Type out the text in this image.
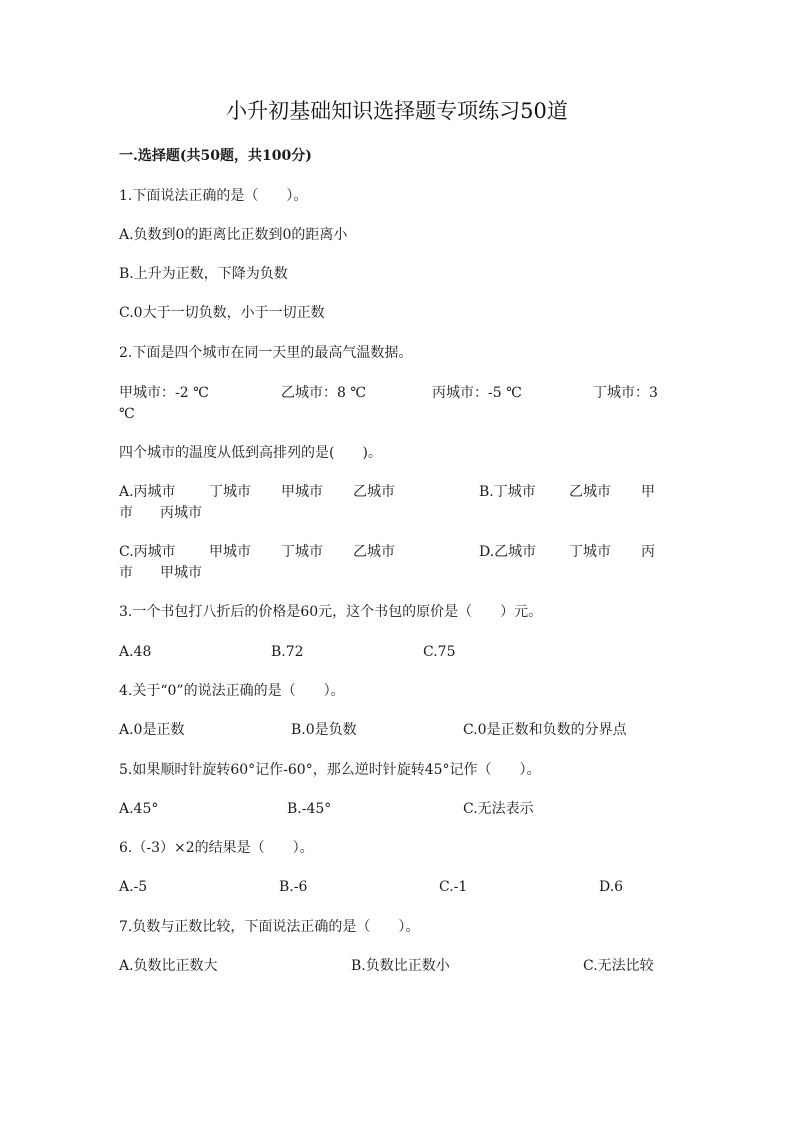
小升初基础知识选择题专项练习50道
一.选择题(共50题，共100分)
1.下面说法正确的是（　　）。
A.负数到0的距离比正数到0的距离小
B.上升为正数，下降为负数
C.0大于一切负数，小于一切正数
2.下面是四个城市在同一天里的最高气温数据。
甲城市：-2 ℃	乙城市：8 ℃	丙城市：-5 ℃	丁城市：3
℃
四个城市的温度从低到高排列的是(　　)。
A.丙城市 丁城市 甲城市 乙城市	B.丁城市 乙城市 甲
市 丙城市
C.丙城市 甲城市 丁城市 乙城市	D.乙城市 丁城市 丙
市 甲城市
3.一个书包打八折后的价格是60元，这个书包的原价是（　　）元。
A.48	B.72	C.75
4.关于“0”的说法正确的是（　　）。
A.0是正数	B.0是负数	C.0是正数和负数的分界点
5.如果顺时针旋转60°记作-60°，那么逆时针旋转45°记作（　　）。
A.45°	B.-45°	C.无法表示
6.（-3）×2的结果是（　　）。
A.-5	B.-6	C.-1	D.6
7.负数与正数比较，下面说法正确的是（　　）。
A.负数比正数大	B.负数比正数小	C.无法比较
